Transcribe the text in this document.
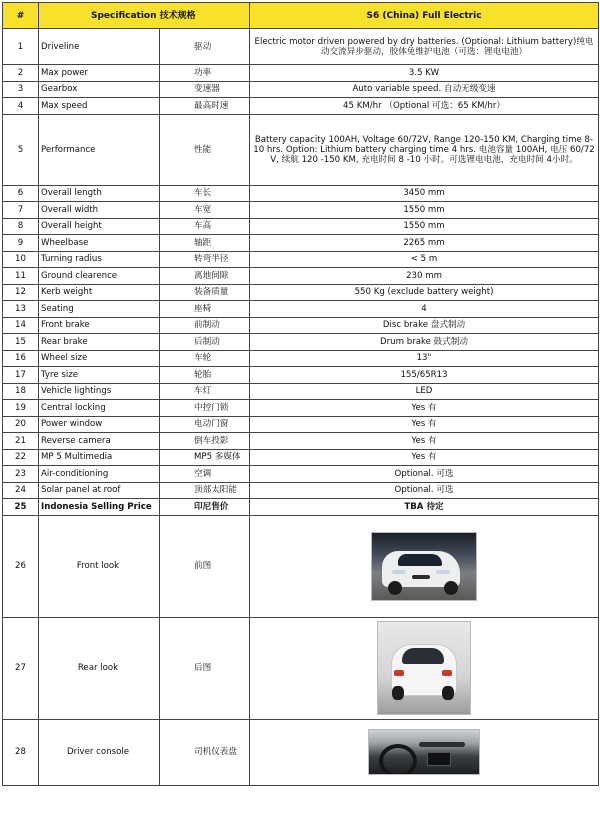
#	Specification 技术规格		S6 (China) Full Electric
1	Driveline	驱动	Electric motor driven powered by dry batteries. (Optional: Lithium battery)纯电动交流异步驱动，胶体免维护电池（可选：锂电电池）
2	Max power	功率	3.5 KW
3	Gearbox	变速器	Auto variable speed. 自动无级变速
4	Max speed	最高时速	45 KM/hr （Optional 可选：65 KM/hr）
5	Performance	性能	Battery capacity 100AH, Voltage 60/72V, Range 120-150 KM, Charging time 8-10 hrs. Option: Lithium battery charging time 4 hrs. 电池容量 100AH, 电压 60/72 V, 续航 120 -150 KM, 充电时间 8 -10 小时。可选锂电电池，充电时间 4小时。
6	Overall length	车长	3450 mm
7	Overall width	车宽	1550 mm
8	Overall height	车高	1550 mm
9	Wheelbase	轴距	2265 mm
10	Turning radius	转弯半径	< 5 m
11	Ground clearence	离地间隙	230 mm
12	Kerb weight	装备质量	550 Kg (exclude battery weight)
13	Seating	座椅	4
14	Front brake	前制动	Disc brake 盘式制动
15	Rear brake	后制动	Drum brake 鼓式制动
16	Wheel size	车轮	13"
17	Tyre size	轮胎	155/65R13
18	Vehicle lightings	车灯	LED
19	Central locking	中控门锁	Yes 有
20	Power window	电动门窗	Yes 有
21	Reverse camera	倒车投影	Yes 有
22	MP 5 Multimedia	MP5 多媒体	Yes 有
23	Air-conditioning	空调	Optional. 可选
24	Solar panel at roof	顶部太阳能	Optional. 可选
25	Indonesia Selling Price	印尼售价	TBA 待定
26	Front look	前图	

27	Rear look	后图	

28	Driver console	司机仪表盘	
